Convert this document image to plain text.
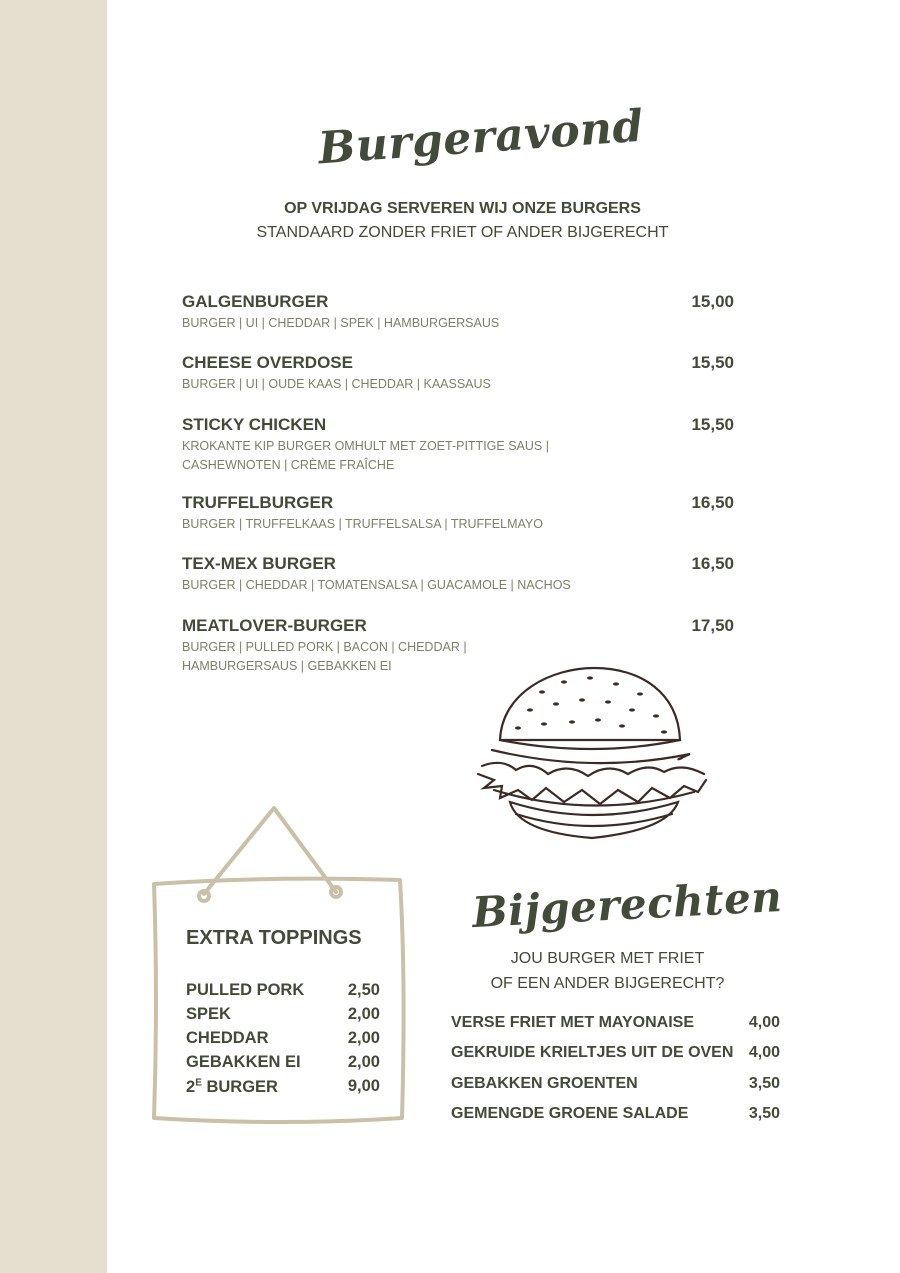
Burgeravond
OP VRIJDAG SERVEREN WIJ ONZE BURGERS
STANDAARD ZONDER FRIET OF ANDER BIJGERECHT
GALGENBURGER
BURGER | UI | CHEDDAR | SPEK | HAMBURGERSAUS
15,00
CHEESE OVERDOSE
BURGER | UI | OUDE KAAS | CHEDDAR | KAASSAUS
15,50
STICKY CHICKEN
KROKANTE KIP BURGER OMHULT MET ZOET-PITTIGE SAUS |
CASHEWNOTEN | CRÈME FRAÎCHE
15,50
TRUFFELBURGER
BURGER | TRUFFELKAAS | TRUFFELSALSA | TRUFFELMAYO
16,50
TEX-MEX BURGER
BURGER | CHEDDAR | TOMATENSALSA | GUACAMOLE | NACHOS
16,50
MEATLOVER-BURGER
BURGER | PULLED PORK | BACON | CHEDDAR |
HAMBURGERSAUS | GEBAKKEN EI
17,50
EXTRA TOPPINGS
PULLED PORK	2,50
SPEK	2,00
CHEDDAR	2,00
GEBAKKEN EI	2,00
$2^E$ BURGER	9,00
Bijgerechten
JOU BURGER MET FRIET
OF EEN ANDER BIJGERECHT?
VERSE FRIET MET MAYONAISE	4,00
GEKRUIDE KRIELTJES UIT DE OVEN 4,00
GEBAKKEN GROENTEN	3,50
GEMENGDE GROENE SALADE	3,50
